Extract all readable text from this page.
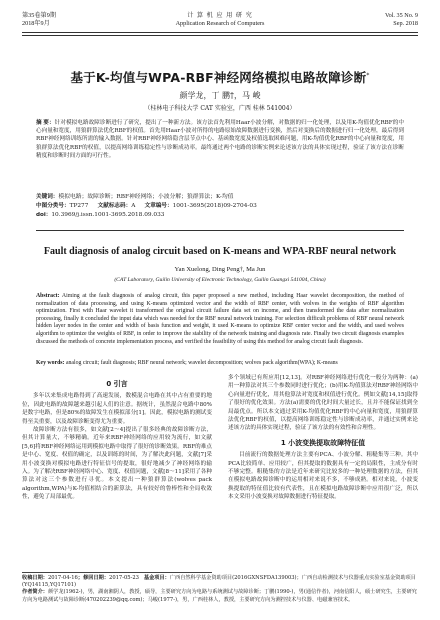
第35卷第9期
2018年9月
计 算 机 应 用 研 究
Application Research of Computers
Vol. 35 No. 9
Sep. 2018
基于K-均值与WPA-RBF神经网络模拟电路故障诊断*
颜学龙，丁 鹏†，马 峻
（桂林电子科技大学 CAT 实验室，广西 桂林 541004）
摘 要：针对模拟电路故障诊断进行了研究，提出了一种新方法。该方法首先利用Haar小波分解，对数据的归一化处理，以及用K-均值优化RBF的中心向量和宽度，用狼群算法优化RBF的权值。首先用Haar小波对所得的电路原始故障数据进行变换，然后对变换后的数据进行归一化处理，最后得到RBF神经网络训练所需的输入数据。针对RBF神经网络隐含层节点中心、基函数宽度及权值选取困难问题，用K-均值优化RBF的中心向量和宽度，用狼群算法优化RBF的权值，以提高网络训练稳定性与诊断成功率。最终通过两个电路的诊断实例来论述该方法的具体实现过程，验证了该方法在诊断精度和诊断时间方面的可行性。
关键词：模拟电路；故障诊断；RBF神经网络；小波分解；狼群算法；K-均值
中图分类号：TP277 文献标志码：A 文章编号：1001-3695(2018)09-2704-03
doi：10.3969/j.issn.1001-3695.2018.09.033
Fault diagnosis of analog circuit based on K-means and WPA-RBF neural network
Yan Xuelong, Ding Peng†, Ma Jun
(CAT Laboratory, Guilin University of Electronic Technology, Guilin Guangxi 541004, China)
Abstract: Aiming at the fault diagnosis of analog circuit, this paper proposed a new method, including Haar wavelet decomposition, the method of normalization of data processing, and using K-means optimized vector and the width of RBF center, with wolves in the weights of RBF algorithm optimization. First with Haar wavelet it transformed the original circuit failure data set on income, and then transformed the data after normalization processing, finally it concluded the input data which was needed for the RBF neural network training. For selection difficult problems of RBF neural network hidden layer nodes in the center and width of basis function and weight, it used K-means to optimize RBF center vector and the width, and used wolves algorithm to optimize the weights of RBF, in order to improve the stability of the network training and diagnosis rate. Finally two circuit diagnosis examples discussed the methods of concrete implementation process, and verified the feasibility of using this method for analog circuit fault diagnosis.
Key words: analog circuit; fault diagnosis; RBF neural network; wavelet decomposition; wolves pack algorithm(WPA); K-means
0 引言

多年以来集成电路得到了高速发展，数模混合电路在其中占有重要的地位，因此电路的故障越来越引起人们的注意。据统计，虽然混合电路中80%是数字电路，但是80%的故障发生在模拟部分[1]。因此，模拟电路的测试变得至关重要，以及故障诊断变得尤为重要。

故障诊断方法有很多，如文献[2～4]提出了很多经典的故障诊断方法，但其计算量大，不够精确。近年来RBF神经网络的应用较为流行，如文献[5,6]将RBF神经网络运用到模拟电路中取得了很好的诊断效果。RBF的难点是中心、宽度、权值的确定，以及训练的时间，为了解决此问题，文献[7]采用小波变换对模拟电路进行特征信号的提取，很好地减少了神经网络的输入。为了解决RBF神经网络中心、宽度、权值问题，文献[8～11]采用了各种算法对这三个参数进行寻优。本文提出一种狼群算法(wolves pack algorithm,WPA)与K-均值相结合的新算法，具有较好的鲁棒性和全局收敛性，避免了局部最优。

多个领域已有所应用[12,13]。对RBF神经网络进行优化一般分为两种：(a)用一种算法对其三个参数同时进行优化；(b)用K-均值算法对RBF神经网络中心向量进行优化，用其他算法对宽度和权值进行优化。例如文献[14,15]取得了很好的优化效果。方法(a)需要的优化时间大量过长，且并不能保证找到全局最优点。所以本文通过采用K-均值优化RBF的中心向量和宽度，用狼群算法优化RBF的权值，以提高网络训练稳定性与诊断成功率，并通过实例来论述该方法的具体实现过程，验证了该方法的有效性和合理性。

1 小波变换提取故障特征值

目前流行的数据处理方法主要有PCA、小波分解、粗糙集等三种。其中PCA比较简单、应用较广，但其提取的数据具有一定的局限性，主成分有时不够完整。粗糙集的方法是近年来研究比较多的一种处理数据的方法，但其在模拟电路故障诊断中的运用相对来说不多，不够成熟。相对来说，小波变换提取的特征值比较有代表性，且在模拟电路故障诊断中应用很广泛，所以本文采用小波变换对故障数据进行特征提取。

收稿日期：2017-04-16；修回日期：2017-05-23 基金项目：广西自然科学基金资助项目(2016GXNSFDA139003)；广西自动检测技术与仪器重点实验室基金资助项目(YQ14115,YQ17101)
作者简介：颜学龙(1962-)，男，湖南湘阴人，教授，硕导，主要研究方向为电路与系统测试与故障诊断；丁鹏(1990-)，男(通信作者)，河南信阳人，硕士研究生，主要研究方向为电路测试与故障诊断(470202239@qq.com)；马峻(1977-)，男，广西桂林人，教授，主要研究方向为测控技术与仪器、电磁兼容技术。
